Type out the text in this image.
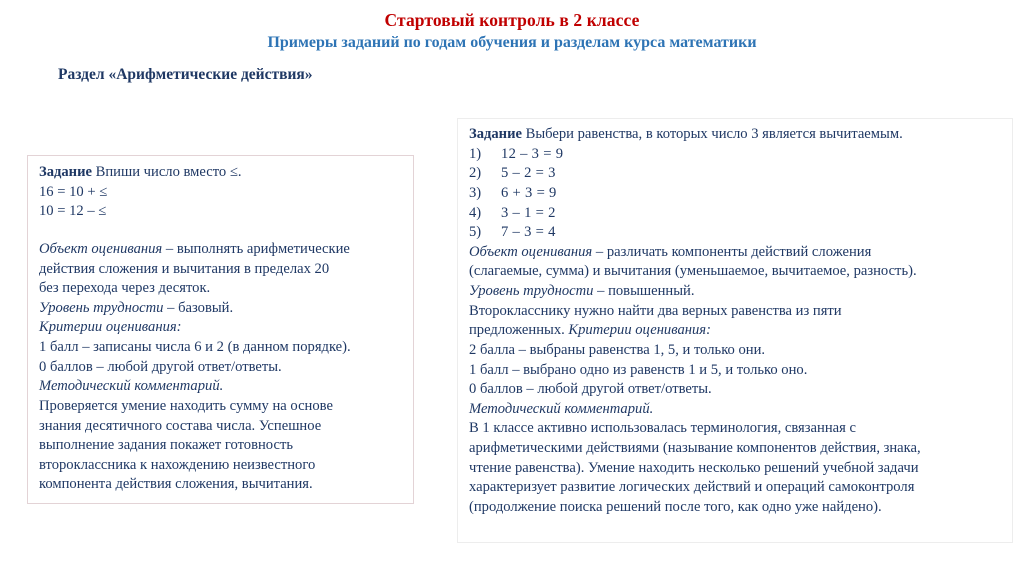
Стартовый контроль в 2 классе
Примеры заданий по годам обучения и разделам курса математики
Раздел «Арифметические действия»

Задание Впиши число вместо ≤.

16 = 10 + ≤

10 = 12 – ≤

Объект оценивания – выполнять арифметические

действия сложения и вычитания в пределах 20

без перехода через десяток.

Уровень трудности – базовый.

Критерии оценивания:

1 балл – записаны числа 6 и 2 (в данном порядке).

0 баллов – любой другой ответ/ответы.

Методический комментарий.

Проверяется умение находить сумму на основе

знания десятичного состава числа. Успешное

выполнение задания покажет готовность

второклассника к нахождению неизвестного

компонента действия сложения, вычитания.

Задание Выбери равенства, в которых число 3 является вычитаемым.

1)	12 – 3 = 9
2)	5 – 2 = 3
3)	6 + 3 = 9
4)	3 – 1 = 2
5)	7 – 3 = 4

Объект оценивания – различать компоненты действий сложения

(слагаемые, сумма) и вычитания (уменьшаемое, вычитаемое, разность).

Уровень трудности – повышенный.

Второкласснику нужно найти два верных равенства из пяти

предложенных. Критерии оценивания:

2 балла – выбраны равенства 1, 5, и только они.

1 балл – выбрано одно из равенств 1 и 5, и только оно.

0 баллов – любой другой ответ/ответы.

Методический комментарий.

В 1 классе активно использовалась терминология, связанная с

арифметическими действиями (называние компонентов действия, знака,

чтение равенства). Умение находить несколько решений учебной задачи

характеризует развитие логических действий и операций самоконтроля

(продолжение поиска решений после того, как одно уже найдено).
